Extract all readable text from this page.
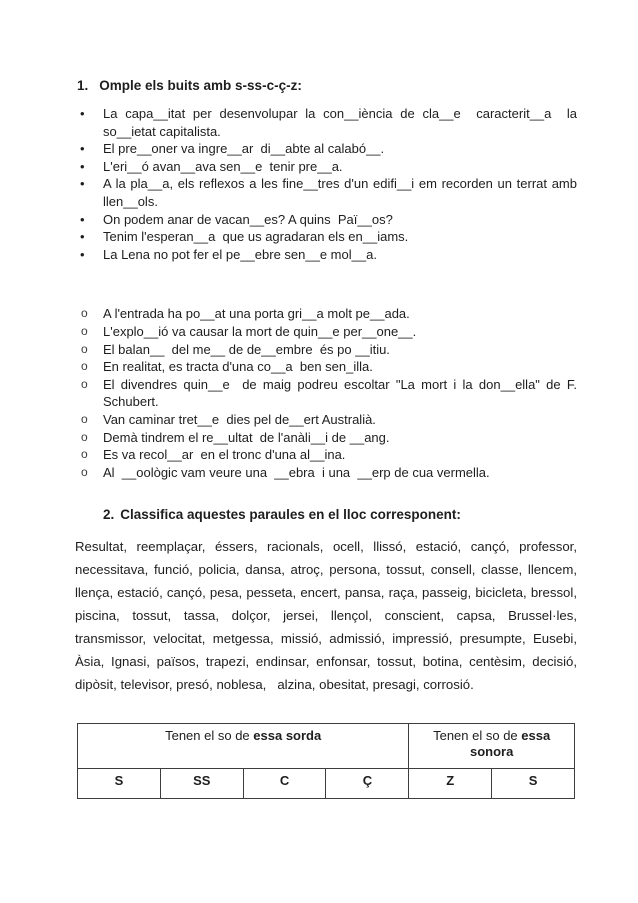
1. Omple els buits amb s-ss-c-ç-z:
•	La capa__itat per desenvolupar la con__iència de cla__e  caracterit__a  la so__ietat capitalista.
•	El pre__oner va ingre__ar  di__abte al calabó__.
•	L'eri__ó avan__ava sen__e  tenir pre__a.
•	A la pla__a, els reflexos a les fine__tres d'un edifi__i em recorden un terrat amb llen__ols.
•	On podem anar de vacan__es? A quins  Paï__os?
•	Tenim l'esperan__a  que us agradaran els en__iams.
•	La Lena no pot fer el pe__ebre sen__e mol__a.
o	A l'entrada ha po__at una porta gri__a molt pe__ada.
o	L'explo__ió va causar la mort de quin__e per__one__.
o	El balan__  del me__ de de__embre  és po __itiu.
o	En realitat, es tracta d'una co__a  ben sen_illa.
o	El divendres quin__e  de maig podreu escoltar "La mort i la don__ella" de F. Schubert.
o	Van caminar tret__e  dies pel de__ert Australià.
o	Demà tindrem el re__ultat  de l'anàli__i de __ang.
o	Es va recol__ar  en el tronc d'una al__ina.
o	Al  __oològic vam veure una  __ebra  i una  __erp de cua vermella.
2. Classifica aquestes paraules en el lloc corresponent:

Resultat, reemplaçar, éssers, racionals, ocell, llissó, estació, cançó, professor, necessitava, funció, policia, dansa, atroç, persona, tossut, consell, classe, llencem, llença, estació, cançó, pesa, pesseta, encert, pansa, raça, passeig, bicicleta, bressol, piscina, tossut, tassa, dolçor, jersei, llençol, conscient, capsa, Brussel·les, transmissor, velocitat, metgessa, missió, admissió, impressió, presumpte, Eusebi, Àsia, Ignasi, països, trapezi, endinsar, enfonsar, tossut, botina, centèsim, decisió,       dipòsit, televisor, presó, noblesa,   alzina, obesitat, presagi, corrosió.

Tenen el so de essa sorda				Tenen el so de essa sonora	
S	SS	C	Ç	Z	S
